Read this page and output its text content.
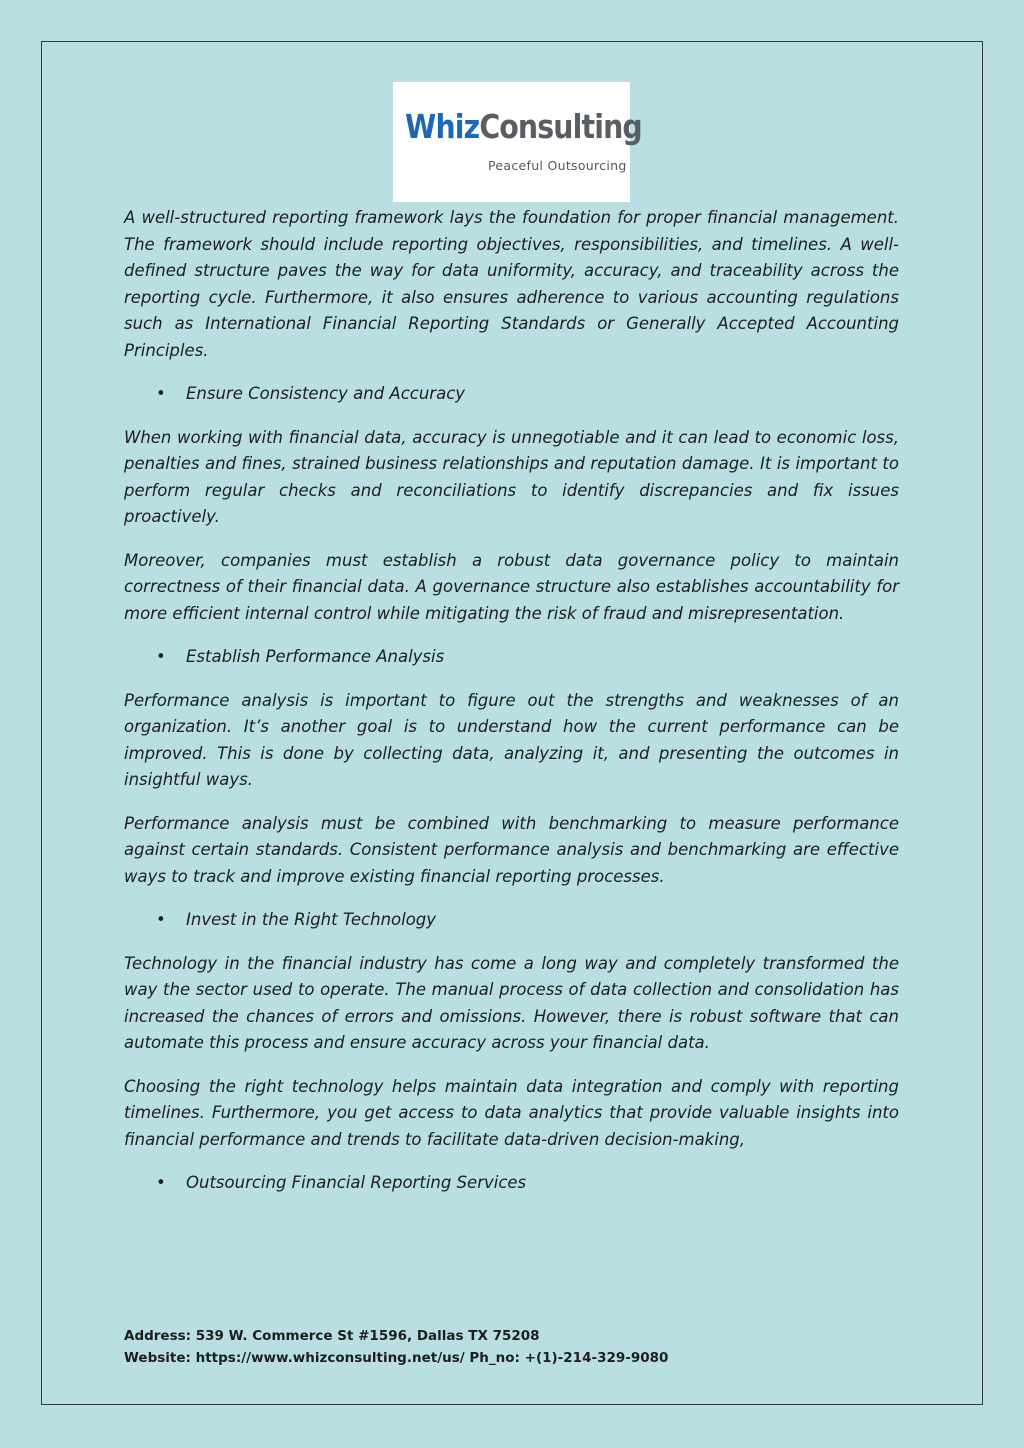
WhizConsulting
Peaceful Outsourcing

A well-structured reporting framework lays the foundation for proper financial management. The framework should include reporting objectives, responsibilities, and timelines. A well-defined structure paves the way for data uniformity, accuracy, and traceability across the reporting cycle. Furthermore, it also ensures adherence to various accounting regulations such as International Financial Reporting Standards or Generally Accepted Accounting Principles.

• Ensure Consistency and Accuracy

When working with financial data, accuracy is unnegotiable and it can lead to economic loss, penalties and fines, strained business relationships and reputation damage. It is important to perform regular checks and reconciliations to identify discrepancies and fix issues proactively.

Moreover, companies must establish a robust data governance policy to maintain correctness of their financial data. A governance structure also establishes accountability for more efficient internal control while mitigating the risk of fraud and misrepresentation.

• Establish Performance Analysis

Performance analysis is important to figure out the strengths and weaknesses of an organization. It’s another goal is to understand how the current performance can be improved. This is done by collecting data, analyzing it, and presenting the outcomes in insightful ways.

Performance analysis must be combined with benchmarking to measure performance against certain standards. Consistent performance analysis and benchmarking are effective ways to track and improve existing financial reporting processes.

• Invest in the Right Technology

Technology in the financial industry has come a long way and completely transformed the way the sector used to operate. The manual process of data collection and consolidation has increased the chances of errors and omissions. However, there is robust software that can automate this process and ensure accuracy across your financial data.

Choosing the right technology helps maintain data integration and comply with reporting timelines. Furthermore, you get access to data analytics that provide valuable insights into financial performance and trends to facilitate data-driven decision-making,

• Outsourcing Financial Reporting Services
Address: 539 W. Commerce St #1596, Dallas TX 75208
Website: https://www.whizconsulting.net/us/ Ph_no: +(1)-214-329-9080
